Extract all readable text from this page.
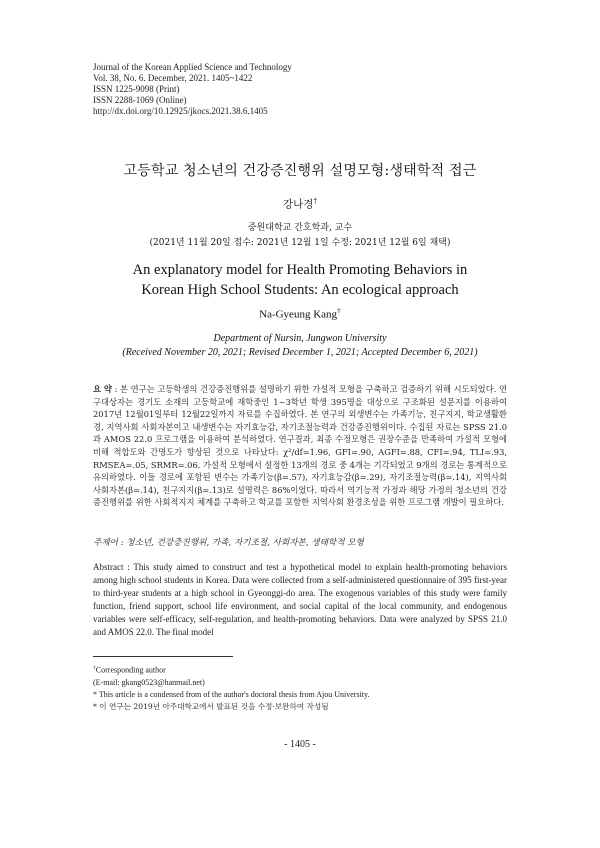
Journal of the Korean Applied Science and Technology
Vol. 38, No. 6. December, 2021. 1405~1422
ISSN 1225-9098 (Print)
ISSN 2288-1069 (Online)
http://dx.doi.org/10.12925/jkocs.2021.38.6.1405
고등학교 청소년의 건강증진행위 설명모형:생태학적 접근
강나경†
중원대학교 간호학과, 교수
(2021년 11월 20일 접수: 2021년 12월 1일 수정: 2021년 12월 6일 채택)
An explanatory model for Health Promoting Behaviors in
Korean High School Students: An ecological approach
Na-Gyeung Kang†
Department of Nursin, Jungwon University
(Received November 20, 2021; Revised December 1, 2021; Accepted December 6, 2021)
요 약 : 본 연구는 고등학생의 건강증진행위를 설명하기 위한 가설적 모형을 구축하고 검증하기 위해 시도되었다. 연구대상자는 경기도 소재의 고등학교에 재학중인 1~3학년 학생 395명을 대상으로 구조화된 설문지를 이용하여 2017년 12월01일부터 12월22일까지 자료를 수집하였다. 본 연구의 외생변수는 가족기능, 친구지지, 학교생활환경, 지역사회 사회자본이고 내생변수는 자기효능감, 자기조절능력과 건강증진행위이다. 수집된 자료는 SPSS 21.0과 AMOS 22.0 프로그램을 이용하여 분석하였다. 연구결과, 최종 수정모형은 권장수준을 만족하여 가설적 모형에 비해 적합도와 간명도가 향상된 것으로 나타났다: χ²/df=1.96, GFI=.90, AGFI=.88, CFI=.94, TLI=.93, RMSEA=.05, SRMR=.06. 가설적 모형에서 설정한 13개의 경로 중 4개는 기각되었고 9개의 경로는 통계적으로 유의하였다. 이들 경로에 포함된 변수는 가족기능(β=.57), 자기효능감(β=.29), 자기조절능력(β=.14), 지역사회 사회자본(β=.14), 친구지지(β=.13)로 설명력은 86%이었다. 따라서 역기능적 가정과 해당 가정의 청소년의 건강증진행위를 위한 사회적지지 체계를 구축하고 학교를 포함한 지역사회 환경조성을 위한 프로그램 개발이 필요하다.
주제어 : 청소년, 건강증진행위, 가족, 자기조절, 사회자본, 생태학적 모형
Abstract : This study aimed to construct and test a hypothetical model to explain health-promoting behaviors among high school students in Korea. Data were collected from a self-administered questionnaire of 395 first-year to third-year students at a high school in Gyeonggi-do area. The exogenous variables of this study were family function, friend support, school life environment, and social capital of the local community, and endogenous variables were self-efficacy, self-regulation, and health-promoting behaviors. Data were analyzed by SPSS 21.0 and AMOS 22.0. The final model
†Corresponding author
(E-mail: gkang0523@hanmail.net)
* This article is a condensed from of the author's doctoral thesis from Ajou University.
* 이 연구는 2019년 아주대학교에서 발표된 것을 수정·보완하여 작성됨
- 1405 -
